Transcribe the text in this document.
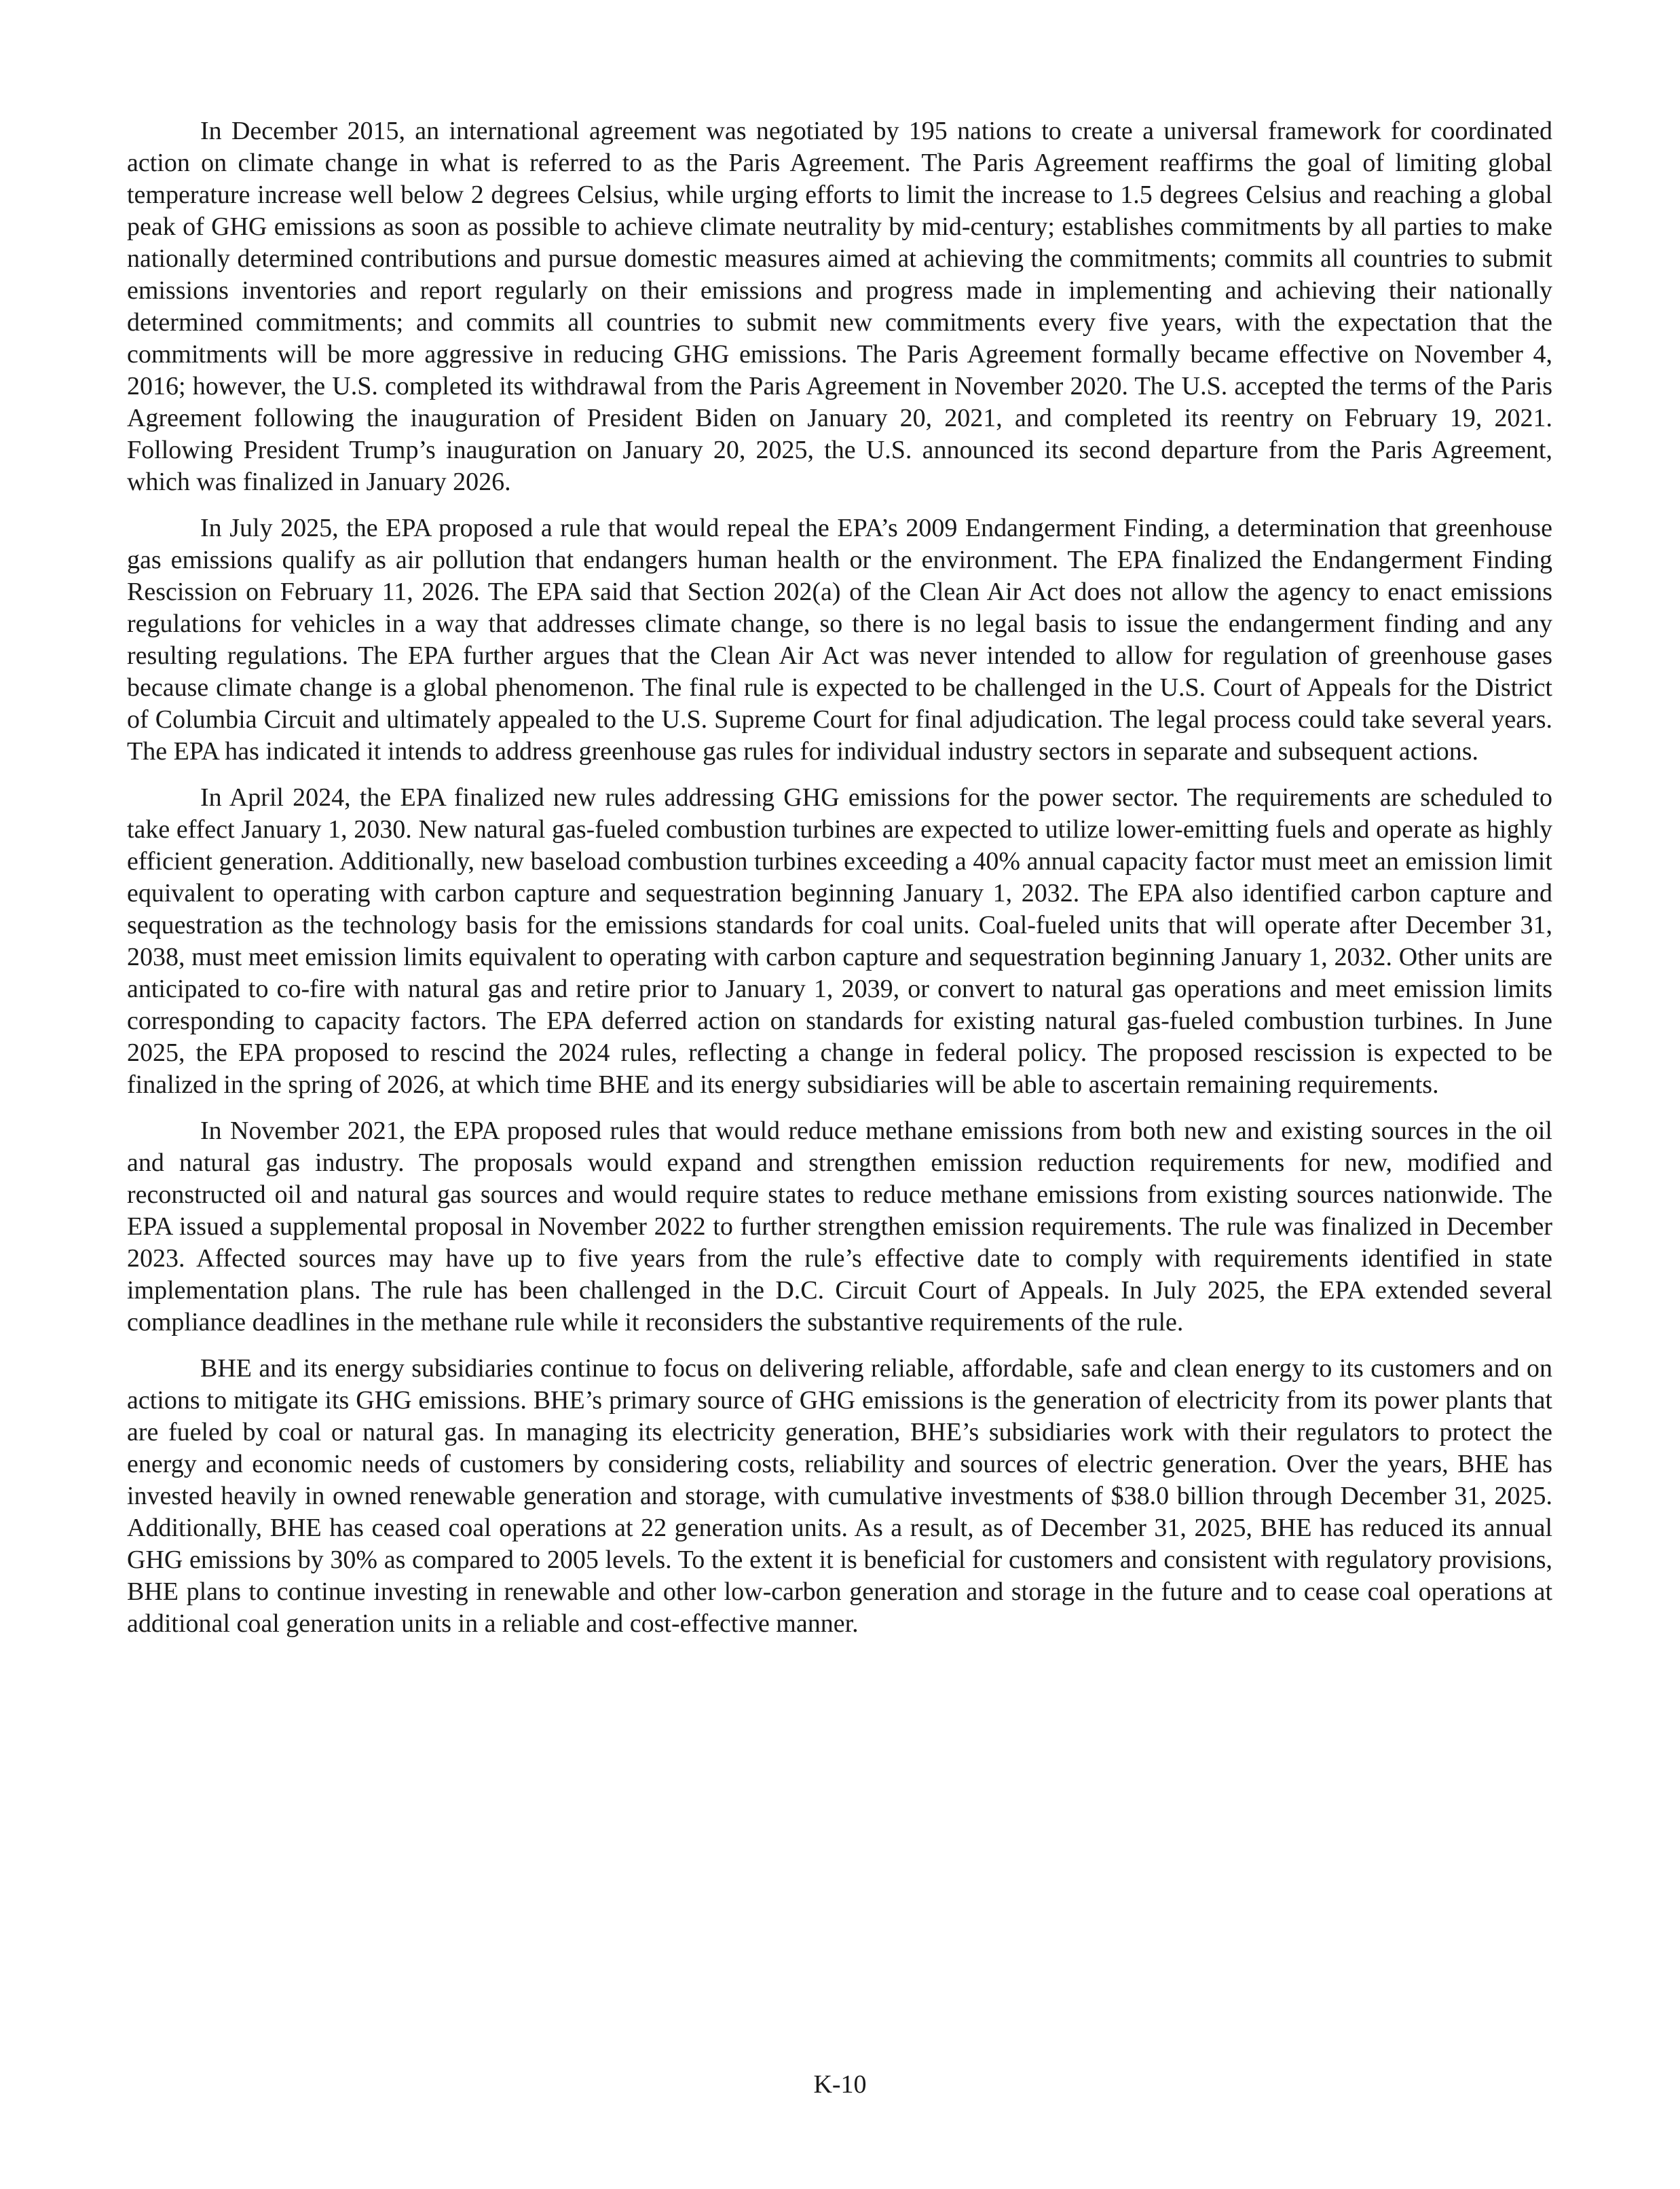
In December 2015, an international agreement was negotiated by 195 nations to create a universal framework for coordinated action on climate change in what is referred to as the Paris Agreement. The Paris Agreement reaffirms the goal of limiting global temperature increase well below 2 degrees Celsius, while urging efforts to limit the increase to 1.5 degrees Celsius and reaching a global peak of GHG emissions as soon as possible to achieve climate neutrality by mid-century; establishes commitments by all parties to make nationally determined contributions and pursue domestic measures aimed at achieving the commitments; commits all countries to submit emissions inventories and report regularly on their emissions and progress made in implementing and achieving their nationally determined commitments; and commits all countries to submit new commitments every five years, with the expectation that the commitments will be more aggressive in reducing GHG emissions. The Paris Agreement formally became effective on November 4, 2016; however, the U.S. completed its withdrawal from the Paris Agreement in November 2020. The U.S. accepted the terms of the Paris Agreement following the inauguration of President Biden on January 20, 2021, and completed its reentry on February 19, 2021. Following President Trump’s inauguration on January 20, 2025, the U.S. announced its second departure from the Paris Agreement, which was finalized in January 2026.

In July 2025, the EPA proposed a rule that would repeal the EPA’s 2009 Endangerment Finding, a determination that greenhouse gas emissions qualify as air pollution that endangers human health or the environment. The EPA finalized the Endangerment Finding Rescission on February 11, 2026. The EPA said that Section 202(a) of the Clean Air Act does not allow the agency to enact emissions regulations for vehicles in a way that addresses climate change, so there is no legal basis to issue the endangerment finding and any resulting regulations. The EPA further argues that the Clean Air Act was never intended to allow for regulation of greenhouse gases because climate change is a global phenomenon. The final rule is expected to be challenged in the U.S. Court of Appeals for the District of Columbia Circuit and ultimately appealed to the U.S. Supreme Court for final adjudication. The legal process could take several years. The EPA has indicated it intends to address greenhouse gas rules for individual industry sectors in separate and subsequent actions.

In April 2024, the EPA finalized new rules addressing GHG emissions for the power sector. The requirements are scheduled to take effect January 1, 2030. New natural gas-fueled combustion turbines are expected to utilize lower-emitting fuels and operate as highly efficient generation. Additionally, new baseload combustion turbines exceeding a 40% annual capacity factor must meet an emission limit equivalent to operating with carbon capture and sequestration beginning January 1, 2032. The EPA also identified carbon capture and sequestration as the technology basis for the emissions standards for coal units. Coal-fueled units that will operate after December 31, 2038, must meet emission limits equivalent to operating with carbon capture and sequestration beginning January 1, 2032. Other units are anticipated to co-fire with natural gas and retire prior to January 1, 2039, or convert to natural gas operations and meet emission limits corresponding to capacity factors. The EPA deferred action on standards for existing natural gas-fueled combustion turbines. In June 2025, the EPA proposed to rescind the 2024 rules, reflecting a change in federal policy. The proposed rescission is expected to be finalized in the spring of 2026, at which time BHE and its energy subsidiaries will be able to ascertain remaining requirements.

In November 2021, the EPA proposed rules that would reduce methane emissions from both new and existing sources in the oil and natural gas industry. The proposals would expand and strengthen emission reduction requirements for new, modified and reconstructed oil and natural gas sources and would require states to reduce methane emissions from existing sources nationwide. The EPA issued a supplemental proposal in November 2022 to further strengthen emission requirements. The rule was finalized in December 2023. Affected sources may have up to five years from the rule’s effective date to comply with requirements identified in state implementation plans. The rule has been challenged in the D.C. Circuit Court of Appeals. In July 2025, the EPA extended several compliance deadlines in the methane rule while it reconsiders the substantive requirements of the rule.

BHE and its energy subsidiaries continue to focus on delivering reliable, affordable, safe and clean energy to its customers and on actions to mitigate its GHG emissions. BHE’s primary source of GHG emissions is the generation of electricity from its power plants that are fueled by coal or natural gas. In managing its electricity generation, BHE’s subsidiaries work with their regulators to protect the energy and economic needs of customers by considering costs, reliability and sources of electric generation. Over the years, BHE has invested heavily in owned renewable generation and storage, with cumulative investments of $38.0 billion through December 31, 2025. Additionally, BHE has ceased coal operations at 22 generation units. As a result, as of December 31, 2025, BHE has reduced its annual GHG emissions by 30% as compared to 2005 levels. To the extent it is beneficial for customers and consistent with regulatory provisions, BHE plans to continue investing in renewable and other low-carbon generation and storage in the future and to cease coal operations at additional coal generation units in a reliable and cost-effective manner.

K-10
